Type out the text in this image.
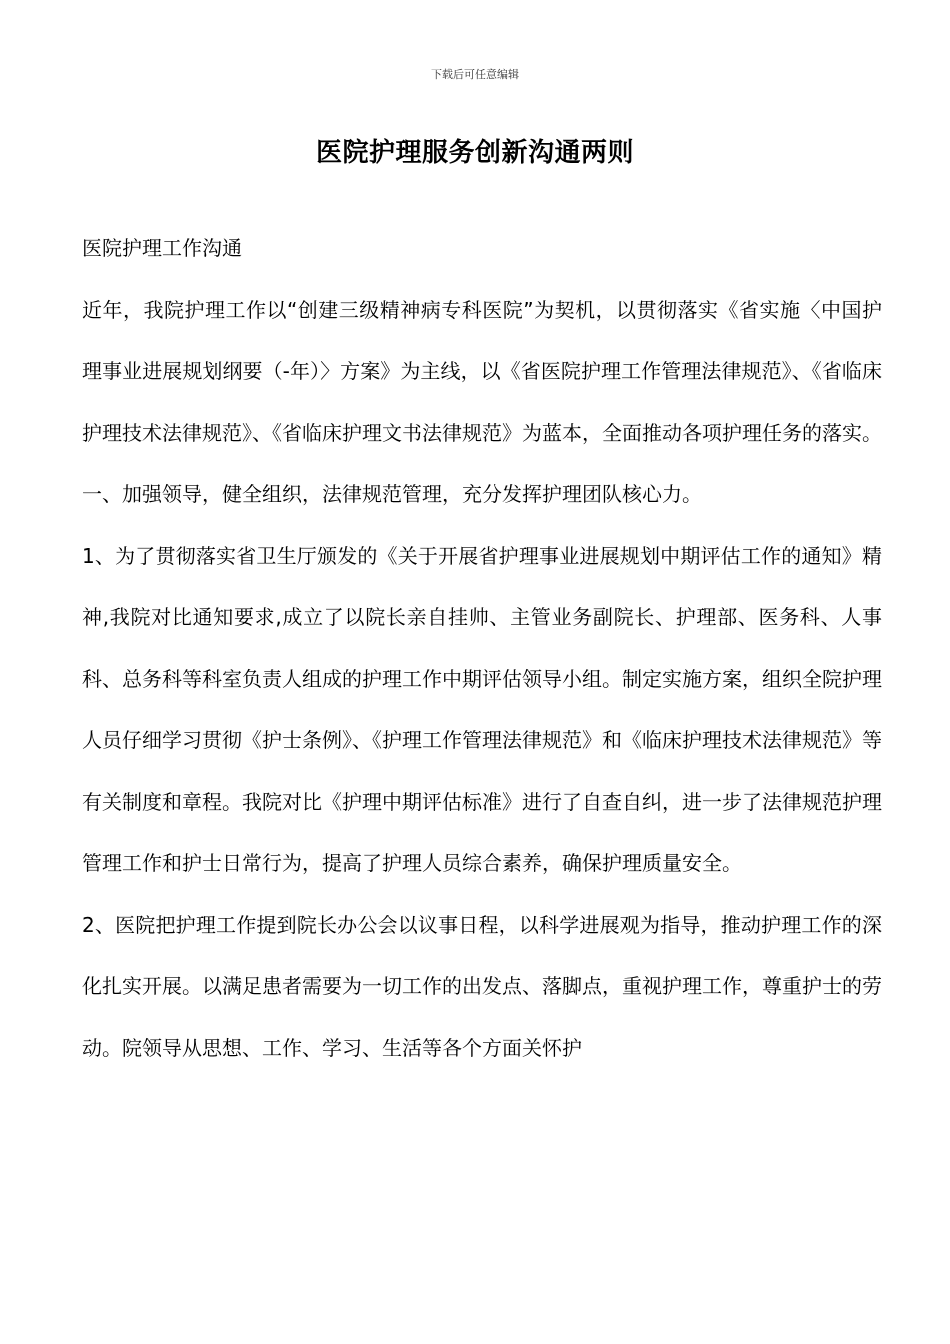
下载后可任意编辑
医院护理服务创新沟通两则

医院护理工作沟通

近年，我院护理工作以“创建三级精神病专科医院”为契机，以贯彻落实《省实施〈中国护理事业进展规划纲要（-年）〉方案》为主线，以《省医院护理工作管理法律规范》、《省临床护理技术法律规范》、《省临床护理文书法律规范》为蓝本，全面推动各项护理任务的落实。

一、加强领导，健全组织，法律规范管理，充分发挥护理团队核心力。

1、为了贯彻落实省卫生厅颁发的《关于开展省护理事业进展规划中期评估工作的通知》精神,我院对比通知要求,成立了以院长亲自挂帅、主管业务副院长、护理部、医务科、人事科、总务科等科室负责人组成的护理工作中期评估领导小组。制定实施方案，组织全院护理人员仔细学习贯彻《护士条例》、《护理工作管理法律规范》和《临床护理技术法律规范》等有关制度和章程。我院对比《护理中期评估标准》进行了自查自纠，进一步了法律规范护理管理工作和护士日常行为，提高了护理人员综合素养，确保护理质量安全。

2、医院把护理工作提到院长办公会以议事日程，以科学进展观为指导，推动护理工作的深化扎实开展。以满足患者需要为一切工作的出发点、落脚点，重视护理工作，尊重护士的劳动。院领导从思想、工作、学习、生活等各个方面关怀护
